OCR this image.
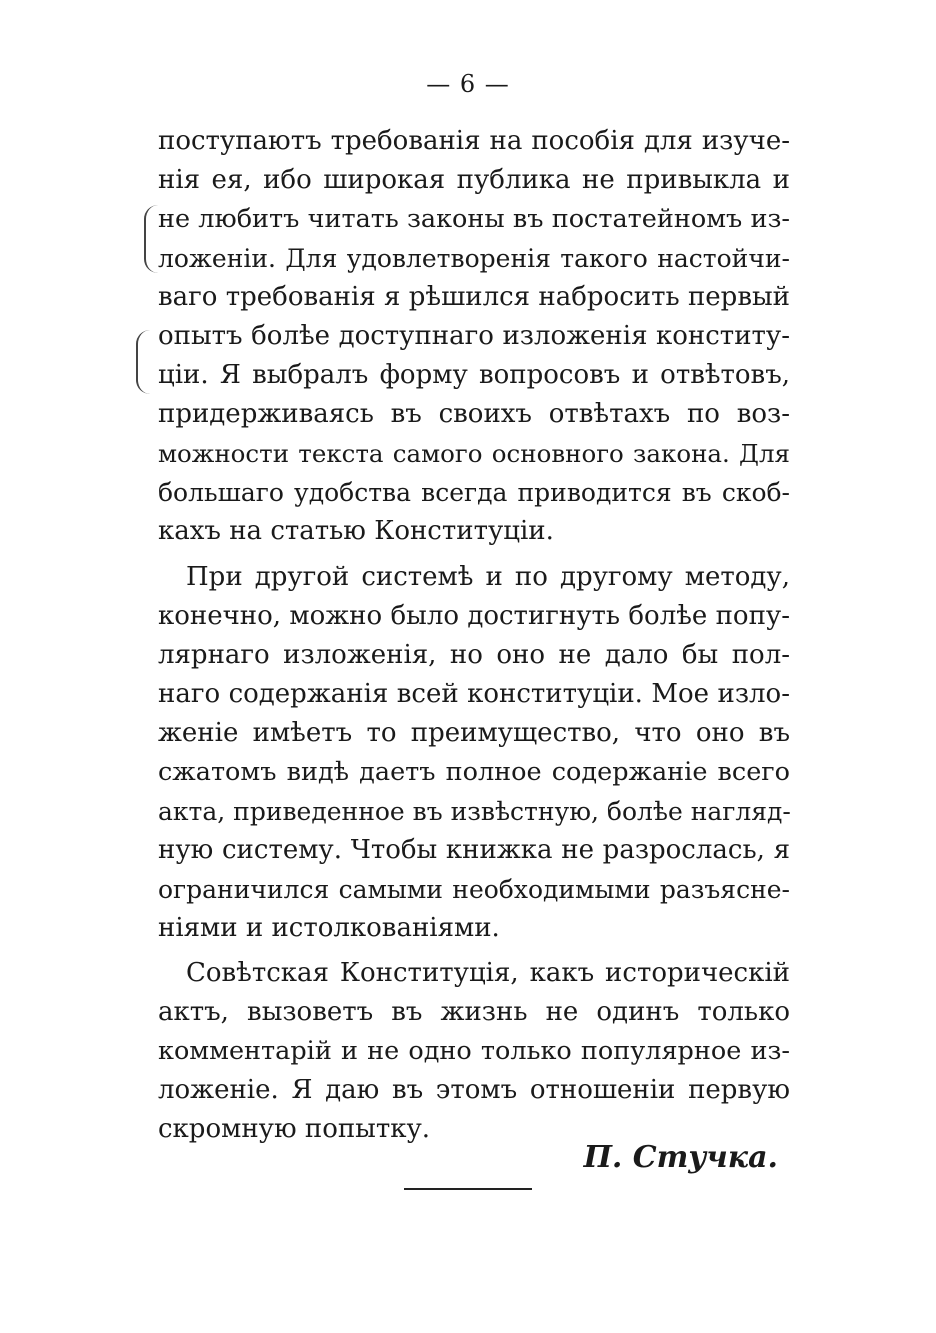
— 6 —
поступаютъ требованія на пособія для изуче-
нія ея, ибо широкая публика не привыкла и
не любитъ читать законы въ постатейномъ из-
ложеніи. Для удовлетворенія такого настойчи-
ваго требованія я рѣшился набросить первый
опытъ болѣе доступнаго изложенія конститу-
ціи. Я выбралъ форму вопросовъ и отвѣтовъ,
придерживаясь въ своихъ отвѣтахъ по воз-
можности текста самого основного закона. Для
большаго удобства всегда приводится въ скоб-
кахъ на статью Конституціи.
При другой системѣ и по другому методу,
конечно, можно было достигнуть болѣе попу-
лярнаго изложенія, но оно не дало бы пол-
наго содержанія всей конституціи. Мое изло-
женіе имѣетъ то преимущество, что оно въ
сжатомъ видѣ даетъ полное содержаніе всего
акта, приведенное въ извѣстную, болѣе нагляд-
ную систему. Чтобы книжка не разрослась, я
ограничился самыми необходимыми разъясне-
ніями и истолкованіями.
Совѣтская Конституція, какъ историческій
актъ, вызоветъ въ жизнь не одинъ только
комментарій и не одно только популярное из-
ложеніе. Я даю въ этомъ отношеніи первую
скромную попытку.
П. Стучка.
